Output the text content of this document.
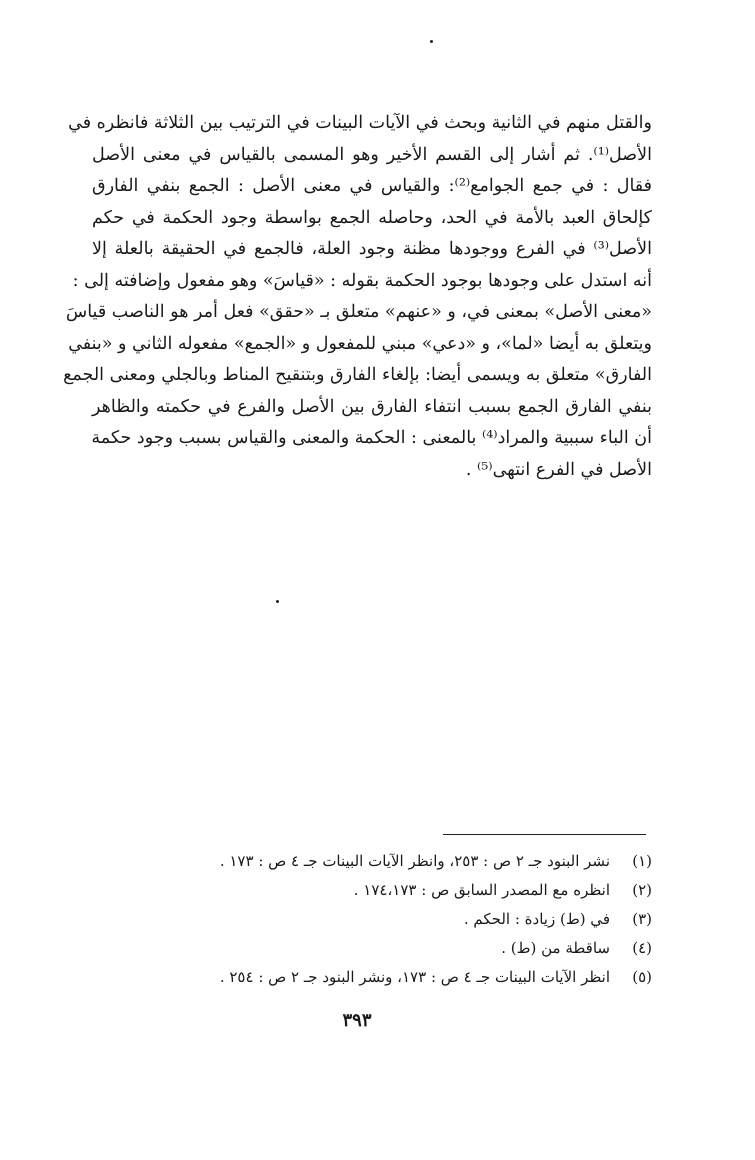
والقتل منهم في الثانية وبحث في الآيات البينات في الترتيب بين الثلاثة فانظره في
الأصل⁽¹⁾. ثم أشار إلى القسم الأخير وهو المسمى بالقياس في معنى الأصل
فقال : في جمع الجوامع⁽²⁾: والقياس في معنى الأصل : الجمع بنفي الفارق
كإلحاق العبد بالأمة في الحد، وحاصله الجمع بواسطة وجود الحكمة في حكم
الأصل⁽³⁾ في الفرع ووجودها مظنة وجود العلة، فالجمع في الحقيقة بالعلة إلا
أنه استدل على وجودها بوجود الحكمة بقوله : «قياسَ» وهو مفعول وإضافته إلى :
«معنى الأصل» بمعنى في، و «عنهم» متعلق بـ «حقق» فعل أمر هو الناصب قياسَ
ويتعلق به أيضا «لما»، و «دعي» مبني للمفعول و «الجمع» مفعوله الثاني و «بنفي
الفارق» متعلق به ويسمى أيضا: بإلغاء الفارق وبتنقيح المناط وبالجلي ومعنى الجمع
بنفي الفارق الجمع بسبب انتفاء الفارق بين الأصل والفرع في حكمته والظاهر
أن الباء سببية والمراد⁽⁴⁾ بالمعنى : الحكمة والمعنى والقياس بسبب وجود حكمة
الأصل في الفرع انتهى⁽⁵⁾ .
(١)
نشر البنود جـ ٢ ص : ٢٥٣، وانظر الآيات البينات جـ ٤ ص : ١٧٣ .
(٢)
انظره مع المصدر السابق ص : ١٧٤،١٧٣ .
(٣)
في (ط) زيادة : الحكم .
(٤)
ساقطة من (ط) .
(٥)
انظر الآيات البينات جـ ٤ ص : ١٧٣، ونشر البنود جـ ٢ ص : ٢٥٤ .
٣٩٣
